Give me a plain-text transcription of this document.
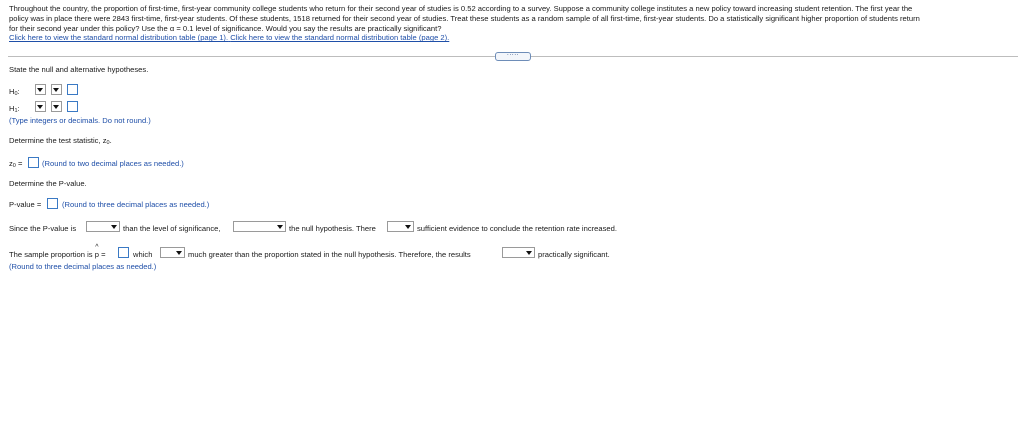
Throughout the country, the proportion of first-time, first-year community college students who return for their second year of studies is 0.52 according to a survey. Suppose a community college institutes a new policy toward increasing student retention. The first year the
policy was in place there were 2843 first-time, first-year students. Of these students, 1518 returned for their second year of studies. Treat these students as a random sample of all first-time, first-year students. Do a statistically significant higher proportion of students return
for their second year under this policy? Use the α = 0.1 level of significance. Would you say the results are practically significant?
Click here to view the standard normal distribution table (page 1). Click here to view the standard normal distribution table (page 2).
.....
State the null and alternative hypotheses.
H0:
H1:
(Type integers or decimals. Do not round.)
Determine the test statistic, z0.
z0 =	(Round to two decimal places as needed.)
Determine the P-value.
P-value =	(Round to three decimal places as needed.)
Since the P-value is	than the level of significance,	the null hypothesis. There	sufficient evidence to conclude the retention rate increased.
The sample proportion is ^ p =	which	much greater than the proportion stated in the null hypothesis. Therefore, the results	practically significant.
(Round to three decimal places as needed.)
